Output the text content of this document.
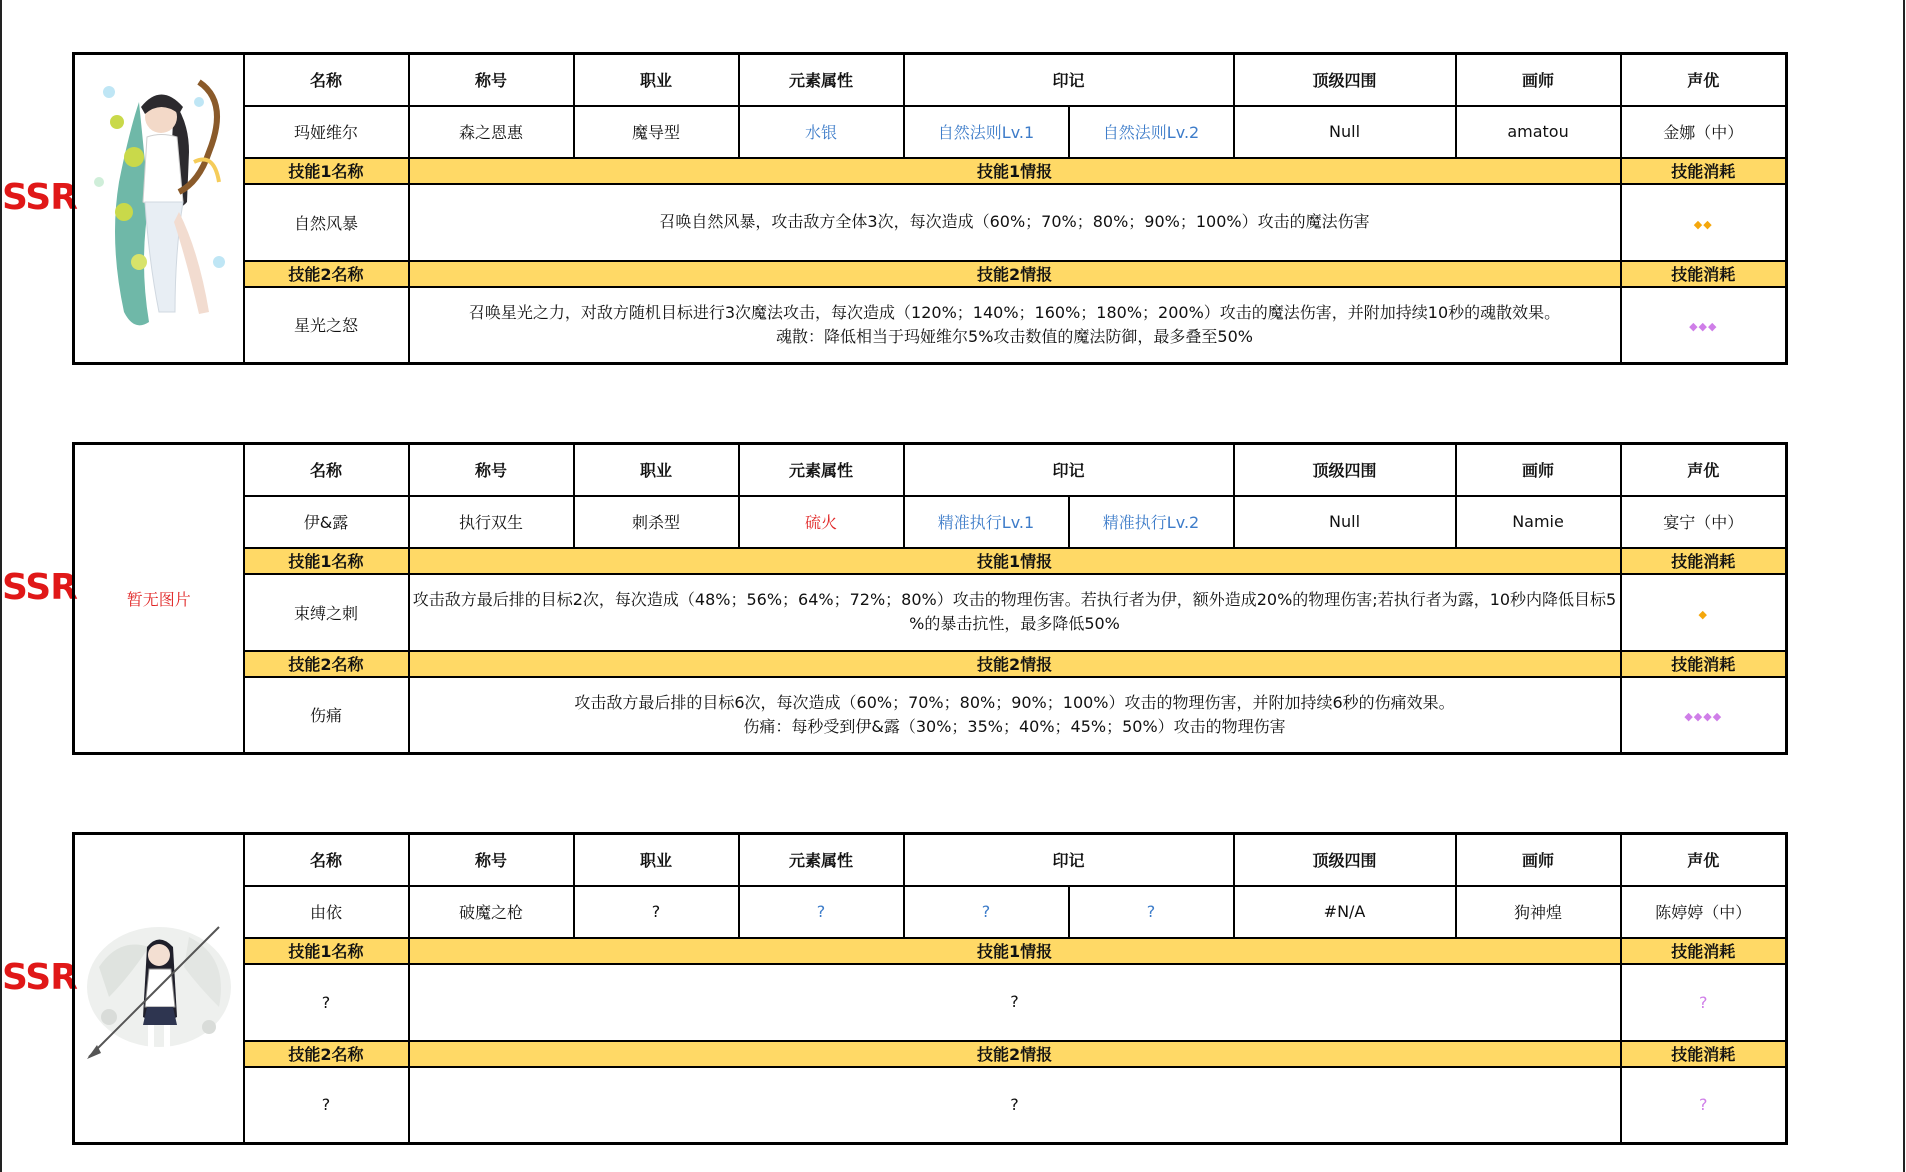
SSR
	名称	称号	职业	元素属性	印记		顶级四围	画师	声优
	玛娅维尔	森之恩惠	魔导型	水银	自然法则Lv.1	自然法则Lv.2	Null	amatou	金娜（中）
	技能1名称	技能1情报							技能消耗
	自然风暴	召唤自然风暴，攻击敌方全体3次，每次造成（60%；70%；80%；90%；100%）攻击的魔法伤害							◆◆
	技能2名称	技能2情报							技能消耗
	星光之怒	召唤星光之力，对敌方随机目标进行3次魔法攻击，每次造成（120%；140%；160%；180%；200%）攻击的魔法伤害，并附加持续10秒的魂散效果。
魂散：降低相当于玛娅维尔5%攻击数值的魔法防御，最多叠至50%							◆◆◆
SSR	暂无图片	名称	称号	职业	元素属性	印记		顶级四围	画师	声优
	伊&露	执行双生	刺杀型	硫火	精准执行Lv.1	精准执行Lv.2	Null	Namie	宴宁（中）
	技能1名称	技能1情报							技能消耗
	束缚之刺	攻击敌方最后排的目标2次，每次造成（48%；56%；64%；72%；80%）攻击的物理伤害。若执行者为伊，额外造成20%的物理伤害;若执行者为露，10秒内降低目标5
%的暴击抗性，最多降低50%							◆
	技能2名称	技能2情报							技能消耗
	伤痛	攻击敌方最后排的目标6次，每次造成（60%；70%；80%；90%；100%）攻击的物理伤害，并附加持续6秒的伤痛效果。
伤痛：每秒受到伊&露（30%；35%；40%；45%；50%）攻击的物理伤害							◆◆◆◆
SSR
	名称	称号	职业	元素属性	印记		顶级四围	画师	声优
	由依	破魔之枪	?	?	?	?	#N/A	狗神煌	陈婷婷（中）
	技能1名称	技能1情报							技能消耗
	?	?							?
	技能2名称	技能2情报							技能消耗
	?	?							?
